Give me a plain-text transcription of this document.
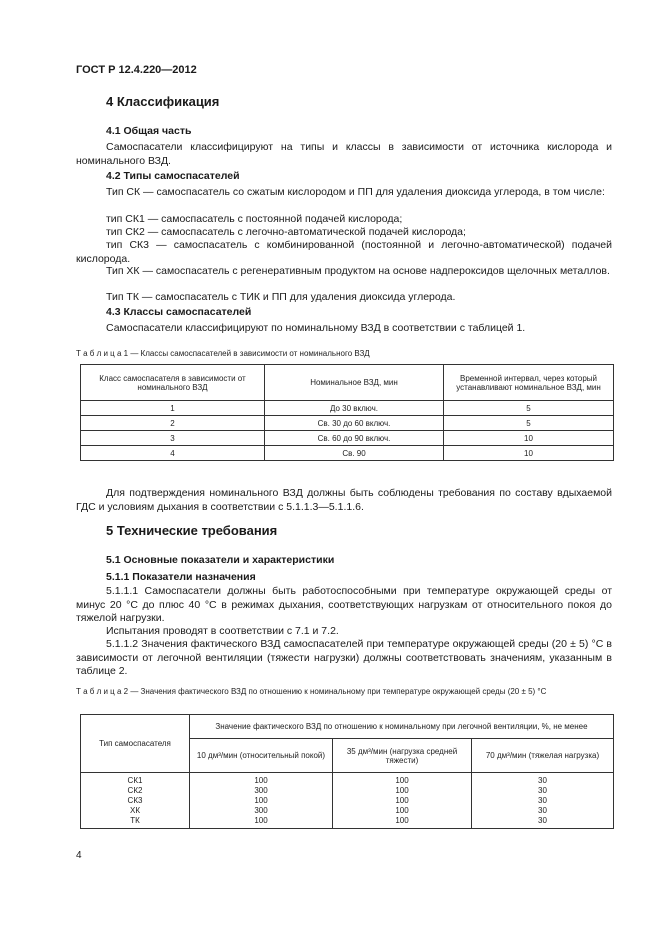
ГОСТ Р 12.4.220—2012
4 Классификация
4.1 Общая часть
Самоспасатели классифицируют на типы и классы в зависимости от источника кислорода и номинального ВЗД.
4.2 Типы самоспасателей
Тип СК — самоспасатель со сжатым кислородом и ПП для удаления диоксида углерода, в том числе:
тип СК1 — самоспасатель с постоянной подачей кислорода;
тип СК2 — самоспасатель с легочно-автоматической подачей кислорода;
тип СК3 — самоспасатель с комбинированной (постоянной и легочно-автоматической) подачей кислорода.
Тип ХК — самоспасатель с регенеративным продуктом на основе надпероксидов щелочных металлов.
Тип ТК — самоспасатель с ТИК и ПП для удаления диоксида углерода.
4.3 Классы самоспасателей
Самоспасатели классифицируют по номинальному ВЗД в соответствии с таблицей 1.
Т а б л и ц а 1 — Классы самоспасателей в зависимости от номинального ВЗД
Класс самоспасателя в зависимости от номинального ВЗД	Номинальное ВЗД, мин	Временной интервал, через который устанавливают номинальное ВЗД, мин
1	До 30 включ.	5
2	Св. 30 до 60 включ.	5
3	Св. 60 до 90 включ.	10
4	Св. 90	10
Для подтверждения номинального ВЗД должны быть соблюдены требования по составу вдыхаемой ГДС и условиям дыхания в соответствии с 5.1.1.3—5.1.1.6.
5 Технические требования
5.1 Основные показатели и характеристики
5.1.1 Показатели назначения
5.1.1.1 Самоспасатели должны быть работоспособными при температуре окружающей среды от минус 20 °С до плюс 40 °С в режимах дыхания, соответствующих нагрузкам от относительного покоя до тяжелой нагрузки.
Испытания проводят в соответствии с 7.1 и 7.2.
5.1.1.2 Значения фактического ВЗД самоспасателей при температуре окружающей среды (20 ± 5) °С в зависимости от легочной вентиляции (тяжести нагрузки) должны соответствовать значениям, указанным в таблице 2.
Т а б л и ц а 2 — Значения фактического ВЗД по отношению к номинальному при температуре окружающей среды (20 ± 5) °С
Тип самоспасателя	Значение фактического ВЗД по отношению к номинальному при легочной вентиляции, %, не менее		
	10 дм³/мин (относительный покой)	35 дм³/мин (нагрузка средней тяжести)	70 дм³/мин (тяжелая нагрузка)
СК1	100	100	30
СК2	300	100	30
СК3	100	100	30
ХК	300	100	30
ТК	100	100	30
4
